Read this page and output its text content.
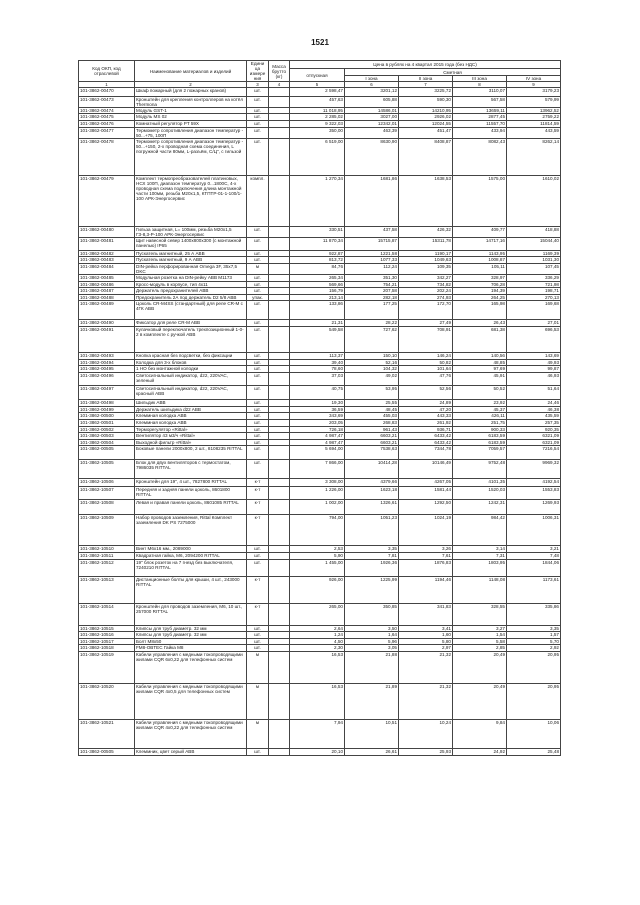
1521
Код ОКП, код отраслевой	Наименование материалов и изделий	Едини ца измере ния	Масса брутто (кг)	Цена в рублях на 4 квартал 2015 года (без НДС)				
				отпускная	Сметная			
					I зона	II зона	III зона	IV зона
1	2	3	4	5	6	7	8	9
101-3862-00470	Шкаф пожарный (для 2 пожарных кранов)	шт.		2 598,47	3201,12	3225,72	3110,07	3179,23
101-3862-00473	Кронштейн для крепления контроллеров на котёл Thermona	шт.		457,63	605,88	590,30	567,58	579,99
101-3862-00474	Модуль GST-1	шт.		11 018,95	14586,01	14210,95	13659,11	13962,52
101-3862-00475	Модуль MS 02	шт.		2 285,02	3027,00	2926,02	2877,45	2759,22
101-3862-00476	Комнатный регулятор PT 59X	шт.		9 322,03	12342,01	12024,55	11557,70	11814,59
101-3862-00477	Термометр сопротивления диапазон температур - 50...+75, 100П	шт.		350,00	463,39	451,47	433,94	443,59
101-3862-00478	Термометр сопротивления диапазон температур - 50...+150, 2-х проводная схема соединения, L погружной части 80мм, L-разъём, С/Ц", с гильзой	шт.		6 519,00	8630,90	8408,87	8082,43	8262,14
101-3862-00479	Комплект термопреобразователей платиновых, НСХ 100П, диапазон температур 0...1800С, 4-х проводная схема подключения длина монтажной части 100мм, резьба М20х1,5, КТПТР-01-1-100/1-100 АРК-Энергосервис	компл.		1 270,34	1681,86	1638,53	1575,00	1610,02
101-3862-00480	Гильза защитная, L= 100мм, резьба М20х1,5 ГЗ-8,3-Р-100 АРК-Энергосервис	шт.		330,51	437,58	426,32	409,77	418,88
101-3862-00481	Щит навесной север 1400х800х300 (с монтажной панелью) IP65	шт.		11 870,34	15715,87	15311,78	14717,16	15044,40
101-3862-00482	Пускатель магнитный, 25 А ABB	шт.		922,87	1221,58	1190,17	1143,95	1169,39
101-3862-00483	Пускатель магнитный, 9 А ABB	шт.		813,72	1077,33	1049,63	1008,87	1031,30
101-3862-00484	DIN-рейка перфорированная Omega 3F, 35x7,5 DKC	м		84,76	112,24	109,35	105,11	107,45
101-3862-00485	Модульная розетка на DIN-рейку ABB M1173	шт.		265,34	351,30	342,27	328,97	336,29
101-3862-00486	Кросс-модуль в корпусе, тип 4x11	шт.		569,66	754,21	734,82	706,28	721,98
101-3862-00487	Держатель предохранителей ABB	шт.		156,79	207,58	202,24	194,39	198,71
101-3862-00488	Предохранитель 2А под держатель D2 5/8 ABB	упак.		213,14	282,18	274,93	264,25	270,13
101-3862-00489	Цоколь CR-M4SS (стандартный) для реле CR-M с 4ГК ABB	шт.		133,86	177,25	172,70	165,98	169,68
101-3862-00490	Фиксатор для реле CR-M ABB	шт.		21,31	28,22	27,49	26,43	27,01
101-3862-00491	Кулачковый переключатель трехпозиционный 1-0-2 в комплекте с ручкой ABB	шт.		549,58	727,62	708,91	681,38	696,53
101-3862-00493	Кнопка красная без подсветки, без фиксации	шт.		113,37	150,10	146,24	140,56	143,69
101-3862-00494	Колодка для 3-х блоков	шт.		39,40	52,16	50,82	48,85	49,93
101-3862-00495	1 НО без монтажной колодки	шт.		78,60	104,32	101,64	97,69	99,87
101-3862-00496	Светосигнальный индикатор, d22, 220VAC, зеленый	шт.		37,03	49,02	47,76	45,91	46,93
101-3862-00497	Светосигнальный индикатор, d22, 220VAC, красный ABB	шт.		40,75	53,95	52,56	50,52	51,64
101-3862-00498	Шильдик ABB	шт.		19,30	25,55	24,89	23,92	24,46
101-3862-00499	Держатель шильдика d22 ABB	шт.		36,59	48,45	47,20	45,37	46,38
101-3862-00500	Клеммная колодка ABB	шт.		343,69	455,03	443,33	426,11	435,59
101-3862-00501	Клеммная колодка ABB	шт.		203,05	268,83	261,92	251,75	257,35
101-3862-00502	Терморегулятор «Rittal»	шт.		726,18	961,43	936,71	900,33	920,35
101-3862-00503	Вентилятор 43 м3/ч «Rittal»	шт.		4 987,47	6603,21	6433,42	6183,59	6321,09
101-3862-00504	Выходной фильтр «Rittal»	шт.		4 987,47	6603,21	6433,42	6183,59	6321,09
101-3862-00505	Боковые панели 2000х800, 2 шт., 8108235 RITTAL	шт.		5 694,00	7538,63	7344,78	7059,57	7216,54
101-3862-10505	Блок для двух вентиляторов с термостатом, 7986035 RITTAL	шт.		7 866,00	10414,28	10146,49	9752,48	9969,32
101-3862-10506	Кронштейн для 19", 4 шт., 7827800 RITTAL	к-т		3 308,00	4379,66	4267,05	4101,35	4192,54
101-3862-10507	Передняя и задняя панели цоколь, 8601800 RITTAL	к-т		1 226,00	1623,18	1581,44	1520,03	1553,83
101-3862-10508	Левая и правая панели цоколь, 8601085 RITTAL	к-т		1 002,00	1326,61	1292,50	1242,31	1269,93
101-3862-10509	Набор проводов заземления, Rittal Комплект заземления DK PS 7275000	к-т		794,00	1051,23	1024,19	984,42	1006,31
101-3862-10510	Винт M6х16 мм., 2089000	шт.		2,53	3,35	3,26	3,14	3,21
101-3862-10511	Квадратная гайка, M6, 2094200 RITTAL	шт.		5,90	7,81	7,61	7,31	7,48
101-3862-10512	19" блок розеток на 7 гнезд без выключателя, 7240210 RITTAL	шт.		1 455,00	1926,36	1876,83	1803,95	1844,06
101-3862-10513	Дистанционные болты для крыши, 4 шт., 243000 RITTAL	к-т		926,00	1225,99	1194,46	1148,08	1173,61
101-3862-10514	Кронштейн для проводов заземления, M6, 10 шт., 257000 RITTAL	к-т		265,00	350,85	341,83	328,55	335,86
101-3862-10515	Клипсы для труб диаметр. 32 мм	шт.		2,64	3,50	3,41	3,27	3,35
101-3862-10516	Клипсы для труб диаметр. 32 мм	шт.		1,24	1,64	1,60	1,54	1,57
101-3862-10517	Болт M8х50	шт.		4,50	5,96	5,80	5,58	5,70
101-3862-10518	FM8-OBTEC Гайка M8	шт.		2,30	3,05	2,97	2,85	2,92
101-3862-10519	Кабели управления с медными токопроводящими жилами CQR 6x0,22 для телефонных систем	м		16,53	21,88	21,32	20,49	20,95
101-3862-10520	Кабели управления с медными токопроводящими жилами CQR 4x0,5 для телефонных систем	м		16,53	21,89	21,32	20,49	20,95
101-3862-10521	Кабели управления с медными токопроводящими жилами CQR 4x0,22 для телефонных систем	м		7,94	10,51	10,24	9,84	10,06
101-3862-00505	Клеммник, цвет серый ABB	шт.		20,10	26,61	25,93	24,92	25,48
